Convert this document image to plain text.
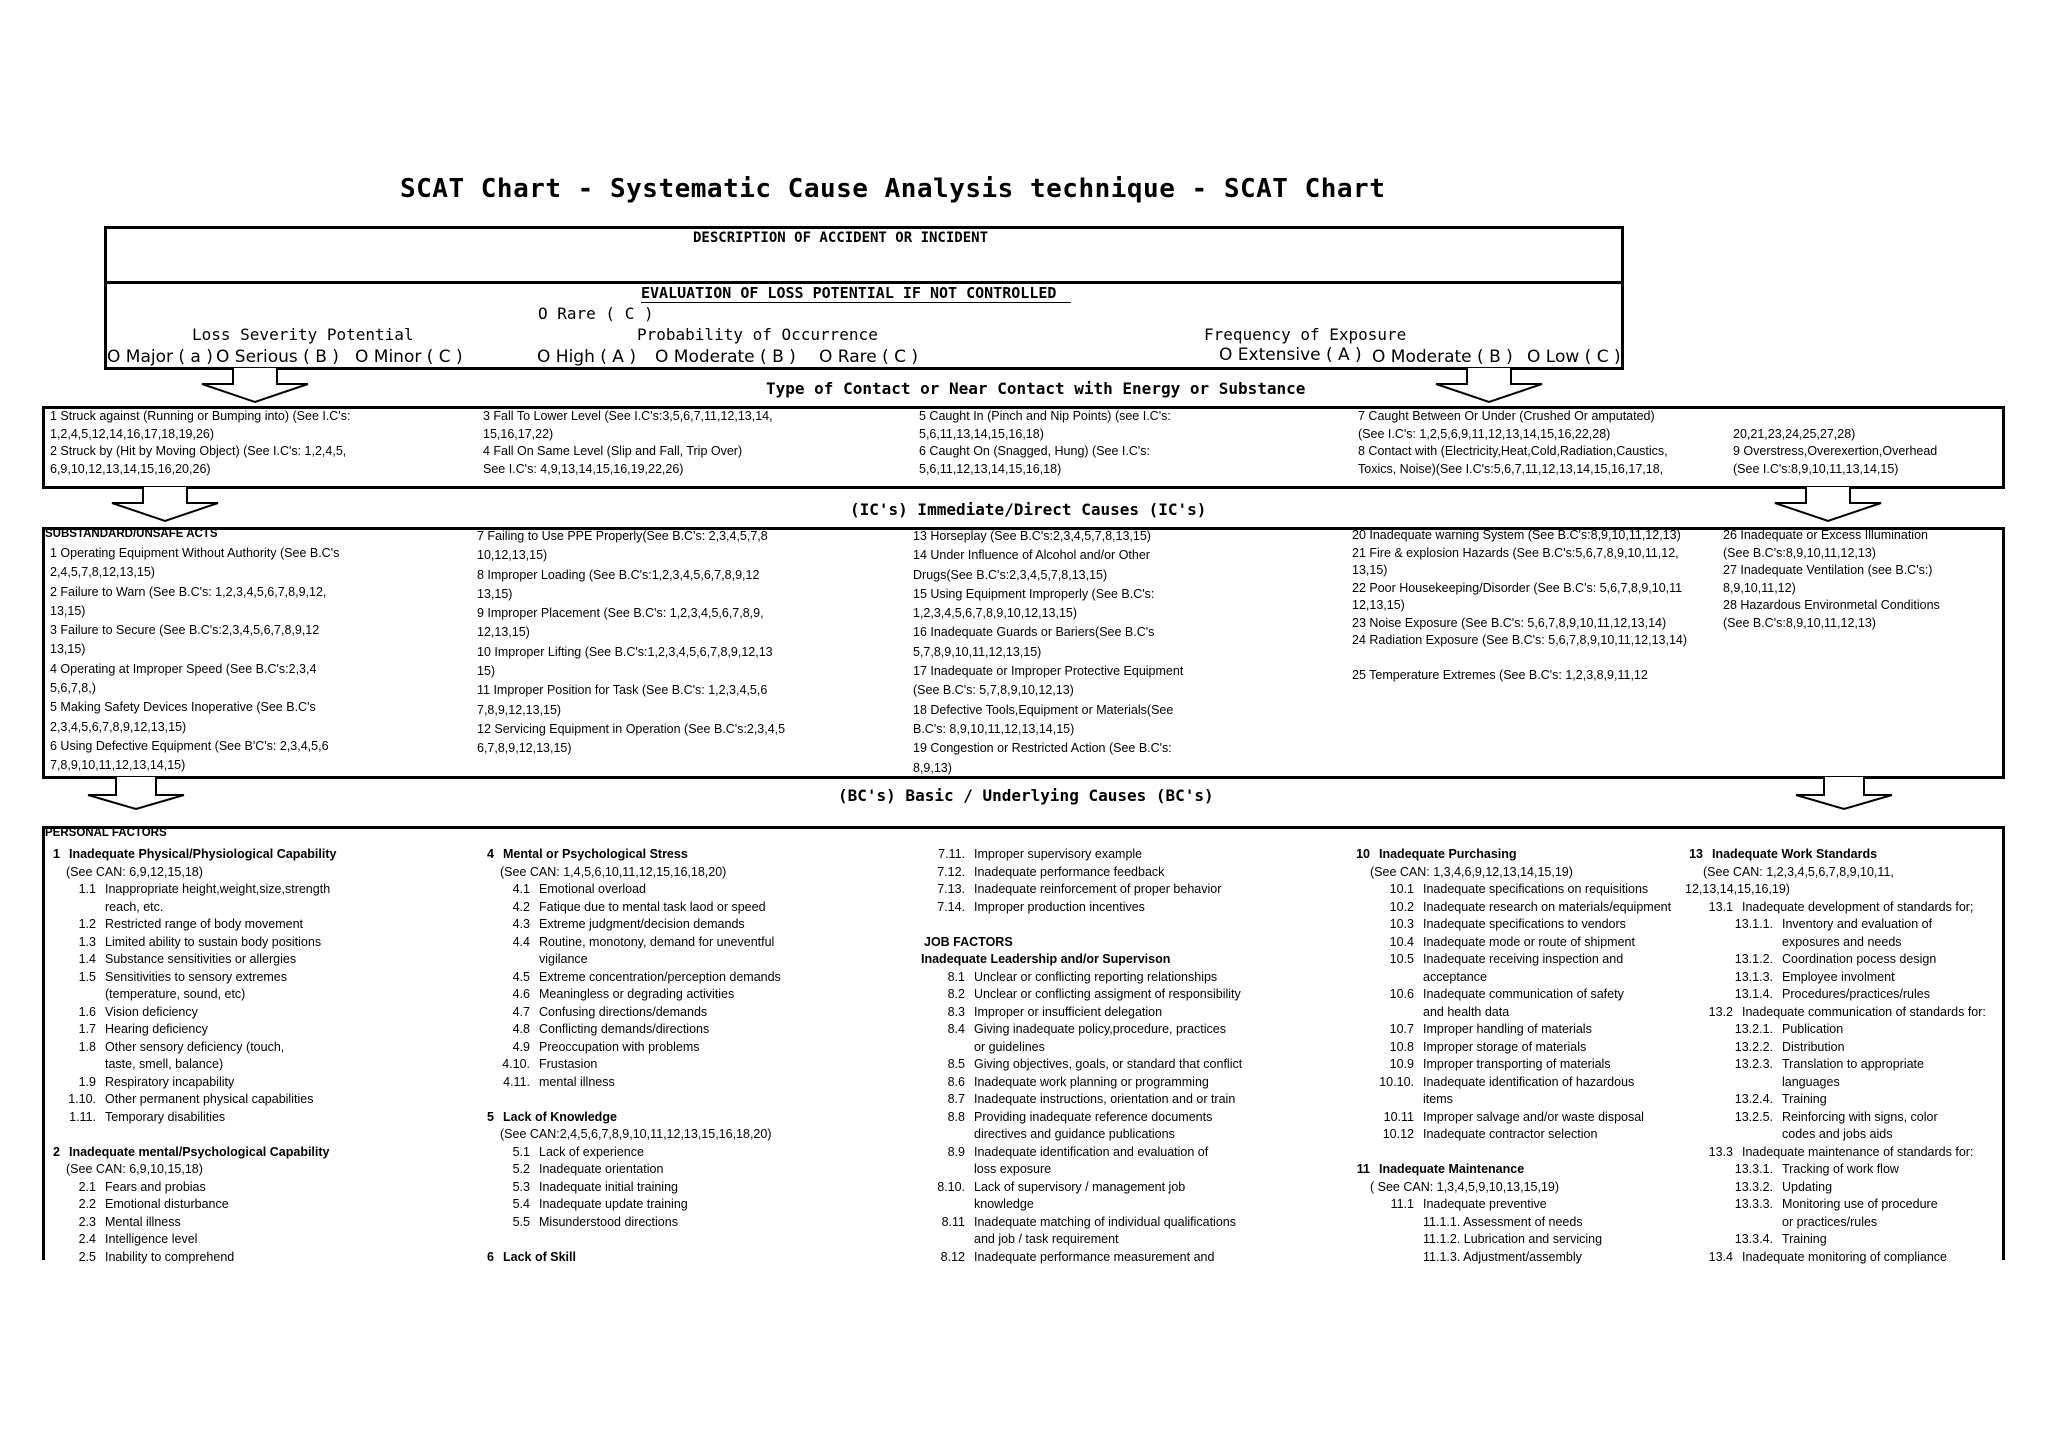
SCAT Chart - Systematic Cause Analysis technique - SCAT Chart
DESCRIPTION OF ACCIDENT OR INCIDENT
EVALUATION OF LOSS POTENTIAL IF NOT CONTROLLED
O Rare ( C )
Loss Severity Potential	Probability of Occurrence	Frequency of Exposure
O Major ( a ) O Serious ( B ) O Minor ( C )	O High ( A ) O Moderate ( B ) O Rare ( C )	O Extensive ( A ) O Moderate ( B ) O Low ( C )
Type of Contact or Near Contact with Energy or Substance
1 Struck against (Running or Bumping into) (See I.C's:
1,2,4,5,12,14,16,17,18,19,26)
2 Struck by (Hit by Moving Object) (See I.C's: 1,2,4,5,
6,9,10,12,13,14,15,16,20,26)
3 Fall To Lower Level (See I.C's:3,5,6,7,11,12,13,14,
15,16,17,22)
4 Fall On Same Level (Slip and Fall, Trip Over)
See I.C's: 4,9,13,14,15,16,19,22,26)
5 Caught In (Pinch and Nip Points) (see I.C's:
5,6,11,13,14,15,16,18)
6 Caught On (Snagged, Hung) (See I.C's:
5,6,11,12,13,14,15,16,18)
7 Caught Between Or Under (Crushed Or amputated)
(See I.C's: 1,2,5,6,9,11,12,13,14,15,16,22,28)
8 Contact with (Electricity,Heat,Cold,Radiation,Caustics,
Toxics, Noise)(See I.C's:5,6,7,11,12,13,14,15,16,17,18,

20,21,23,24,25,27,28)
9 Overstress,Overexertion,Overhead
(See I.C's:8,9,10,11,13,14,15)
(IC's) Immediate/Direct Causes (IC's)
SUBSTANDARD/UNSAFE ACTS
1 Operating Equipment Without Authority (See B.C's
2,4,5,7,8,12,13,15)
2 Failure to Warn (See B.C's: 1,2,3,4,5,6,7,8,9,12,
13,15)
3 Failure to Secure (See B.C's:2,3,4,5,6,7,8,9,12
13,15)
4 Operating at Improper Speed (See B.C's:2,3,4
5,6,7,8,)
5 Making Safety Devices Inoperative (See B.C's
2,3,4,5,6,7,8,9,12,13,15)
6 Using Defective Equipment (See B'C's: 2,3,4,5,6
7,8,9,10,11,12,13,14,15)
7 Failing to Use PPE Properly(See B.C's: 2,3,4,5,7,8
10,12,13,15)
8 Improper Loading (See B.C's:1,2,3,4,5,6,7,8,9,12
13,15)
9 Improper Placement (See B.C's: 1,2,3,4,5,6,7,8,9,
12,13,15)
10 Improper Lifting (See B.C's:1,2,3,4,5,6,7,8,9,12,13
15)
11 Improper Position for Task (See B.C's: 1,2,3,4,5,6
7,8,9,12,13,15)
12 Servicing Equipment in Operation (See B.C's:2,3,4,5
6,7,8,9,12,13,15)
13 Horseplay (See B.C's:2,3,4,5,7,8,13,15)
14 Under Influence of Alcohol and/or Other
Drugs(See B.C's:2,3,4,5,7,8,13,15)
15 Using Equipment Improperly (See B.C's:
1,2,3,4,5,6,7,8,9,10,12,13,15)
16 Inadequate Guards or Bariers(See B.C's
5,7,8,9,10,11,12,13,15)
17 Inadequate or Improper Protective Equipment
(See B.C's: 5,7,8,9,10,12,13)
18 Defective Tools,Equipment or Materials(See
B.C's: 8,9,10,11,12,13,14,15)
19 Congestion or Restricted Action (See B.C's:
8,9,13)
20 Inadequate warning System (See B.C's:8,9,10,11,12,13)
21 Fire & explosion Hazards (See B.C's:5,6,7,8,9,10,11,12,
13,15)
22 Poor Housekeeping/Disorder (See B.C's: 5,6,7,8,9,10,11
12,13,15)
23 Noise Exposure (See B.C's: 5,6,7,8,9,10,11,12,13,14)
24 Radiation Exposure (See B.C's: 5,6,7,8,9,10,11,12,13,14)

25 Temperature Extremes (See B.C's: 1,2,3,8,9,11,12
26 Inadequate or Excess Illumination
(See B.C's:8,9,10,11,12,13)
27 Inadequate Ventilation (see B.C's:)
8,9,10,11,12)
28 Hazardous Environmetal Conditions
(See B.C's:8,9,10,11,12,13)
(BC's) Basic / Underlying Causes (BC's)
PERSONAL FACTORS
1 Inadequate Physical/Physiological Capability
(See CAN: 6,9,12,15,18)
1.1 Inappropriate height,weight,size,strength
reach, etc.
1.2 Restricted range of body movement
1.3 Limited ability to sustain body positions
1.4 Substance sensitivities or allergies
1.5 Sensitivities to sensory extremes
(temperature, sound, etc)
1.6 Vision deficiency
1.7 Hearing deficiency
1.8 Other sensory deficiency (touch,
taste, smell, balance)
1.9 Respiratory incapability
1.10. Other permanent physical capabilities
1.11. Temporary disabilities
2 Inadequate mental/Psychological Capability
(See CAN: 6,9,10,15,18)
2.1 Fears and probias
2.2 Emotional disturbance
2.3 Mental illness
2.4 Intelligence level
2.5 Inability to comprehend
4 Mental or Psychological Stress
(See CAN: 1,4,5,6,10,11,12,15,16,18,20)
4.1 Emotional overload
4.2 Fatique due to mental task laod or speed
4.3 Extreme judgment/decision demands
4.4 Routine, monotony, demand for uneventful
vigilance
4.5 Extreme concentration/perception demands
4.6 Meaningless or degrading activities
4.7 Confusing directions/demands
4.8 Conflicting demands/directions
4.9 Preoccupation with problems
4.10. Frustasion
4.11. mental illness
5 Lack of Knowledge
(See CAN:2,4,5,6,7,8,9,10,11,12,13,15,16,18,20)
5.1 Lack of experience
5.2 Inadequate orientation
5.3 Inadequate initial training
5.4 Inadequate update training
5.5 Misunderstood directions
6 Lack of Skill
7.11. Improper supervisory example
7.12. Inadequate performance feedback
7.13. Inadequate reinforcement of proper behavior
7.14. Improper production incentives
JOB FACTORS
Inadequate Leadership and/or Supervison
8.1 Unclear or conflicting reporting relationships
8.2 Unclear or conflicting assigment of responsibility
8.3 Improper or insufficient delegation
8.4 Giving inadequate policy,procedure, practices
or guidelines
8.5 Giving objectives, goals, or standard that conflict
8.6 Inadequate work planning or programming
8.7 Inadequate instructions, orientation and or train
8.8 Providing inadequate reference documents
directives and guidance publications
8.9 Inadequate identification and evaluation of
loss exposure
8.10. Lack of supervisory / management job
knowledge
8.11 Inadequate matching of individual qualifications
and job / task requirement
8.12 Inadequate performance measurement and
10 Inadequate Purchasing
(See CAN: 1,3,4,6,9,12,13,14,15,19)
10.1 Inadequate specifications on requisitions
10.2 Inadequate research on materials/equipment
10.3 Inadequate specifications to vendors
10.4 Inadequate mode or route of shipment
10.5 Inadequate receiving inspection and
acceptance
10.6 Inadequate communication of safety
and health data
10.7 Improper handling of materials
10.8 Improper storage of materials
10.9 Improper transporting of materials
10.10. Inadequate identification of hazardous
items
10.11 Improper salvage and/or waste disposal
10.12 Inadequate contractor selection
11 Inadequate Maintenance
( See CAN: 1,3,4,5,9,10,13,15,19)
11.1 Inadequate preventive
11.1.1. Assessment of needs
11.1.2. Lubrication and servicing
11.1.3. Adjustment/assembly
13 Inadequate Work Standards
(See CAN: 1,2,3,4,5,6,7,8,9,10,11,
12,13,14,15,16,19)
13.1 Inadequate development of standards for;
13.1.1. Inventory and evaluation of
exposures and needs
13.1.2. Coordination pocess design
13.1.3. Employee involment
13.1.4. Procedures/practices/rules
13.2 Inadequate communication of standards for:
13.2.1. Publication
13.2.2. Distribution
13.2.3. Translation to appropriate
languages
13.2.4. Training
13.2.5. Reinforcing with signs, color
codes and jobs aids
13.3 Inadequate maintenance of standards for:
13.3.1. Tracking of work flow
13.3.2. Updating
13.3.3. Monitoring use of procedure
or practices/rules
13.3.4. Training
13.4 Inadequate monitoring of compliance
